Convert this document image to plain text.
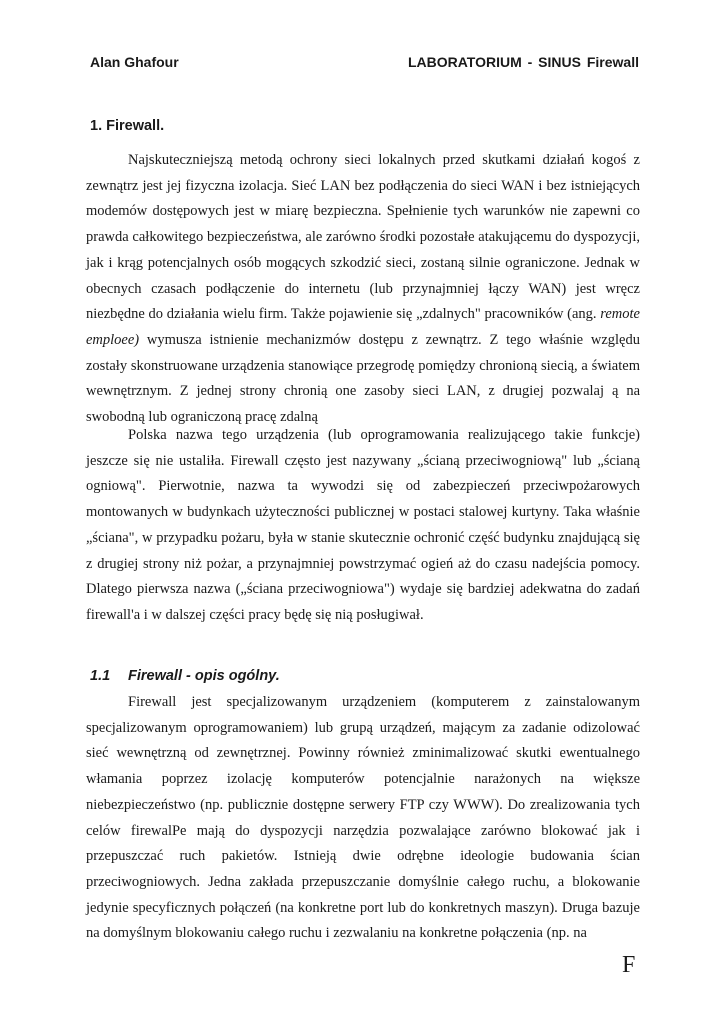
Alan Ghafour	LABORATORIUM - SINUS Firewall
1. Firewall.

Najskuteczniejszą metodą ochrony sieci lokalnych przed skutkami działań kogoś z zewnątrz jest jej fizyczna izolacja. Sieć LAN bez podłączenia do sieci WAN i bez istniejących modemów dostępowych jest w miarę bezpieczna. Spełnienie tych warunków nie zapewni co prawda całkowitego bezpieczeństwa, ale zarówno środki pozostałe atakującemu do dyspozycji, jak i krąg potencjalnych osób mogących szkodzić sieci, zostaną silnie ograniczone. Jednak w obecnych czasach podłączenie do internetu (lub przynajmniej łączy WAN) jest wręcz niezbędne do działania wielu firm. Także pojawienie się „zdalnych" pracowników (ang. remote emploee) wymusza istnienie mechanizmów dostępu z zewnątrz. Z tego właśnie względu zostały skonstruowane urządzenia stanowiące przegrodę pomiędzy chronioną siecią, a światem wewnętrznym. Z jednej strony chronią one zasoby sieci LAN, z drugiej pozwalaj ą na swobodną lub ograniczoną pracę zdalną

Polska nazwa tego urządzenia (lub oprogramowania realizującego takie funkcje) jeszcze się nie ustaliła. Firewall często jest nazywany „ścianą przeciwogniową" lub „ścianą ogniową". Pierwotnie, nazwa ta wywodzi się od zabezpieczeń przeciwpożarowych montowanych w budynkach użyteczności publicznej w postaci stalowej kurtyny. Taka właśnie „ściana", w przypadku pożaru, była w stanie skutecznie ochronić część budynku znajdującą się z drugiej strony niż pożar, a przynajmniej powstrzymać ogień aż do czasu nadejścia pomocy. Dlatego pierwsza nazwa („ściana przeciwogniowa") wydaje się bardziej adekwatna do zadań firewall'a i w dalszej części pracy będę się nią posługiwał.

1.1 Firewall - opis ogólny.

Firewall jest specjalizowanym urządzeniem (komputerem z zainstalowanym specjalizowanym oprogramowaniem) lub grupą urządzeń, mającym za zadanie odizolować sieć wewnętrzną od zewnętrznej. Powinny również zminimalizować skutki ewentualnego włamania poprzez izolację komputerów potencjalnie narażonych na większe niebezpieczeństwo (np. publicznie dostępne serwery FTP czy WWW). Do zrealizowania tych celów firewalPe mają do dyspozycji narzędzia pozwalające zarówno blokować jak i przepuszczać ruch pakietów. Istnieją dwie odrębne ideologie budowania ścian przeciwogniowych. Jedna zakłada przepuszczanie domyślnie całego ruchu, a blokowanie jedynie specyficznych połączeń (na konkretne port lub do konkretnych maszyn). Druga bazuje na domyślnym blokowaniu całego ruchu i zezwalaniu na konkretne połączenia (np. na

F
